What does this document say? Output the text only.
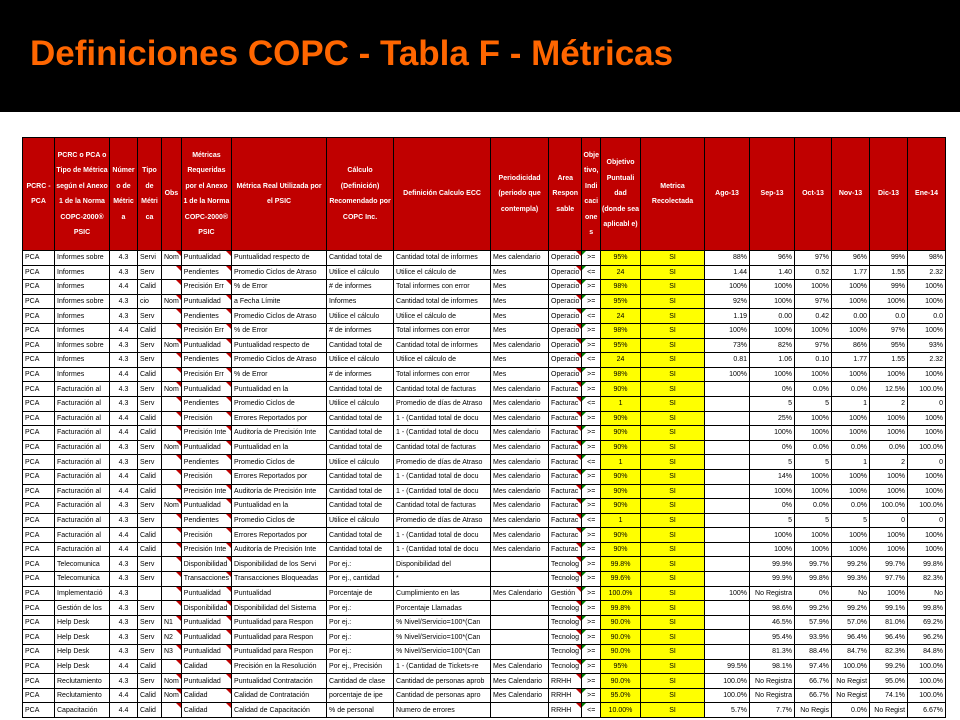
Definiciones COPC - Tabla F - Métricas
PCRC - PCA	PCRC o PCA o Tipo de Métrica según el Anexo 1 de la Norma COPC-2000® PSIC	Númer o de Métric a	Tipo de Métri ca	Obs	Métricas Requeridas por el Anexo 1 de la Norma COPC-2000® PSIC	Métrica Real Utilizada por el PSIC	Cálculo (Definición) Recomendado por COPC Inc.	Definición Calculo ECC	Periodicidad (periodo que contempla)	Area Respon sable	Obje tivo, Indi caci one s	Objetivo Puntuali dad (donde sea aplicabl e)	Metrica Recolectada	Ago-13	Sep-13	Oct-13	Nov-13	Dic-13	Ene-14
PCA	Informes sobre	4.3	Servi	Nom	Puntualidad	Puntualidad respecto de	Cantidad total de	Cantidad total de informes	Mes calendario	Operacio	>=	95%	SI	88%	96%	97%	96%	99%	98%
PCA	Informes	4.3	Serv		Pendientes	Promedio Ciclos de Atraso	Utilice el cálculo	Utilice el cálculo de	Mes	Operacio	<=	24	SI	1.44	1.40	0.52	1.77	1.55	2.32
PCA	Informes	4.4	Calid		Precisión Err	% de Error	# de informes	Total informes con error	Mes	Operacio	>=	98%	SI	100%	100%	100%	100%	99%	100%
PCA	Informes sobre	4.3	cio	Nom	Puntualidad	a Fecha Límite	Informes	Cantidad total de informes	Mes	Operacio	>=	95%	SI	92%	100%	97%	100%	100%	100%
PCA	Informes	4.3	Serv		Pendientes	Promedio Ciclos de Atraso	Utilice el cálculo	Utilice el cálculo de	Mes	Operacio	<=	24	SI	1.19	0.00	0.42	0.00	0.0	0.0
PCA	Informes	4.4	Calid		Precisión Err	% de Error	# de informes	Total informes con error	Mes	Operacio	>=	98%	SI	100%	100%	100%	100%	97%	100%
PCA	Informes sobre	4.3	Serv	Nom	Puntualidad	Puntualidad respecto de	Cantidad total de	Cantidad total de informes	Mes calendario	Operacio	>=	95%	SI	73%	82%	97%	86%	95%	93%
PCA	Informes	4.3	Serv		Pendientes	Promedio Ciclos de Atraso	Utilice el cálculo	Utilice el cálculo de	Mes	Operacio	<=	24	SI	0.81	1.06	0.10	1.77	1.55	2.32
PCA	Informes	4.4	Calid		Precisión Err	% de Error	# de informes	Total informes con error	Mes	Operacio	>=	98%	SI	100%	100%	100%	100%	100%	100%
PCA	Facturación al	4.3	Serv	Nom	Puntualidad	Puntualidad en la	Cantidad total de	Cantidad total de facturas	Mes calendario	Facturac	>=	90%	SI		0%	0.0%	0.0%	12.5%	100.0%
PCA	Facturación al	4.3	Serv		Pendientes	Promedio Ciclos de	Utilice el cálculo	Promedio de días de Atraso	Mes calendario	Facturac	<=	1	SI		5	5	1	2	0
PCA	Facturación al	4.4	Calid		Precisión	Errores Reportados por	Cantidad total de	1 - (Cantidad total de docu	Mes calendario	Facturac	>=	90%	SI		25%	100%	100%	100%	100%
PCA	Facturación al	4.4	Calid		Precisión Inte	Auditoría de Precisión Inte	Cantidad total de	1 - (Cantidad total de docu	Mes calendario	Facturac	>=	90%	SI		100%	100%	100%	100%	100%
PCA	Facturación al	4.3	Serv	Nom	Puntualidad	Puntualidad en la	Cantidad total de	Cantidad total de facturas	Mes calendario	Facturac	>=	90%	SI		0%	0.0%	0.0%	0.0%	100.0%
PCA	Facturación al	4.3	Serv		Pendientes	Promedio Ciclos de	Utilice el cálculo	Promedio de días de Atraso	Mes calendario	Facturac	<=	1	SI		5	5	1	2	0
PCA	Facturación al	4.4	Calid		Precisión	Errores Reportados por	Cantidad total de	1 - (Cantidad total de docu	Mes calendario	Facturac	>=	90%	SI		14%	100%	100%	100%	100%
PCA	Facturación al	4.4	Calid		Precisión Inte	Auditoría de Precisión Inte	Cantidad total de	1 - (Cantidad total de docu	Mes calendario	Facturac	>=	90%	SI		100%	100%	100%	100%	100%
PCA	Facturación al	4.3	Serv	Nom	Puntualidad	Puntualidad en la	Cantidad total de	Cantidad total de facturas	Mes calendario	Facturac	>=	90%	SI		0%	0.0%	0.0%	100.0%	100.0%
PCA	Facturación al	4.3	Serv		Pendientes	Promedio Ciclos de	Utilice el cálculo	Promedio de días de Atraso	Mes calendario	Facturac	<=	1	SI		5	5	5	0	0
PCA	Facturación al	4.4	Calid		Precisión	Errores Reportados por	Cantidad total de	1 - (Cantidad total de docu	Mes calendario	Facturac	>=	90%	SI		100%	100%	100%	100%	100%
PCA	Facturación al	4.4	Calid		Precisión Inte	Auditoría de Precisión Inte	Cantidad total de	1 - (Cantidad total de docu	Mes calendario	Facturac	>=	90%	SI		100%	100%	100%	100%	100%
PCA	Telecomunica	4.3	Serv		Disponibilidad	Disponibilidad de los Servi	Por ej.:	Disponibilidad del		Tecnolog	>=	99.8%	SI		99.9%	99.7%	99.2%	99.7%	99.8%
PCA	Telecomunica	4.3	Serv		Transacciones	Transacciones Bloqueadas	Por ej., cantidad	*		Tecnolog	>=	99.6%	SI		99.9%	99.8%	99.3%	97.7%	82.3%
PCA	Implementació	4.3			Puntualidad	Puntualidad	Porcentaje de	Cumplimiento en las	Mes Calendario	Gestión	>=	100.0%	SI	100%	No Registra	0%	No	100%	No
PCA	Gestión de los	4.3	Serv		Disponibilidad	Disponibilidad del Sistema	Por ej.:	Porcentaje Llamadas		Tecnolog	>=	99.8%	SI		98.6%	99.2%	99.2%	99.1%	99.8%
PCA	Help Desk	4.3	Serv	N1	Puntualidad	Puntualidad para Respon	Por ej.:	% Nivel/Servicio=100*(Can		Tecnolog	>=	90.0%	SI		46.5%	57.9%	57.0%	81.0%	69.2%
PCA	Help Desk	4.3	Serv	N2	Puntualidad	Puntualidad para Respon	Por ej.:	% Nivel/Servicio=100*(Can		Tecnolog	>=	90.0%	SI		95.4%	93.9%	96.4%	96.4%	96.2%
PCA	Help Desk	4.3	Serv	N3	Puntualidad	Puntualidad para Respon	Por ej.:	% Nivel/Servicio=100*(Can		Tecnolog	>=	90.0%	SI		81.3%	88.4%	84.7%	82.3%	84.8%
PCA	Help Desk	4.4	Calid		Calidad	Precisión en la Resolución	Por ej., Precisión	1 - (Cantidad de Tickets-re	Mes Calendario	Tecnolog	>=	95%	SI	99.5%	98.1%	97.4%	100.0%	99.2%	100.0%
PCA	Reclutamiento	4.3	Serv	Nom	Puntualidad	Puntualidad Contratación	Cantidad de clase	Cantidad de personas aprob	Mes Calendario	RRHH	>=	90.0%	SI	100.0%	No Registra	66.7%	No Regist	95.0%	100.0%
PCA	Reclutamiento	4.4	Calid	Nom	Calidad	Calidad de Contratación	porcentaje de ipe	Cantidad de personas apro	Mes Calendario	RRHH	>=	95.0%	SI	100.0%	No Registra	66.7%	No Regist	74.1%	100.0%
PCA	Capacitación	4.4	Calid		Calidad	Calidad de Capacitación	% de personal	Numero de errores		RRHH	<=	10.00%	SI	5.7%	7.7%	No Regis	0.0%	No Regist	6.67%
